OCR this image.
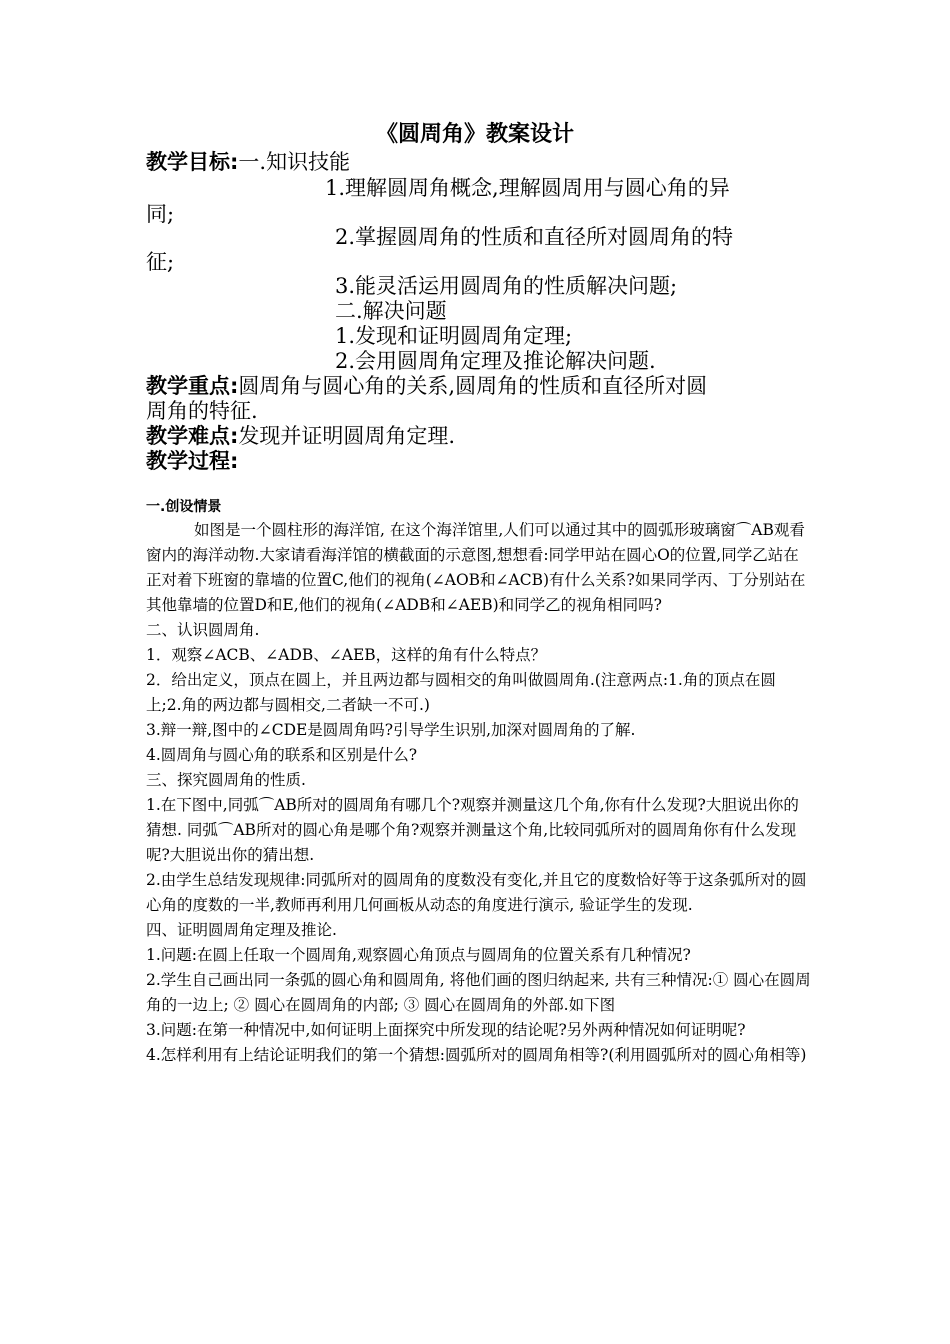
《圆周角》教案设计
教学目标:一.知识技能
1.理解圆周角概念,理解圆周用与圆心角的异
同;
2.掌握圆周角的性质和直径所对圆周角的特
征;
3.能灵活运用圆周角的性质解决问题;
二.解决问题
1.发现和证明圆周角定理;
2.会用圆周角定理及推论解决问题.
教学重点:圆周角与圆心角的关系,圆周角的性质和直径所对圆
周角的特征.
教学难点:发现并证明圆周角定理.
教学过程:
一.创设情景

如图是一个圆柱形的海洋馆, 在这个海洋馆里,人们可以通过其中的圆弧形玻璃窗⌒AB观看窗内的海洋动物.大家请看海洋馆的横截面的示意图,想想看:同学甲站在圆心O的位置,同学乙站在正对着下班窗的靠墙的位置C,他们的视角(∠AOB和∠ACB)有什么关系?如果同学丙、丁分别站在其他靠墙的位置D和E,他们的视角(∠ADB和∠AEB)和同学乙的视角相同吗?

二、认识圆周角.

1．观察∠ACB、∠ADB、∠AEB，这样的角有什么特点？

2．给出定义，顶点在圆上，并且两边都与圆相交的角叫做圆周角.(注意两点:1.角的顶点在圆上;2.角的两边都与圆相交,二者缺一不可.)

3.辩一辩,图中的∠CDE是圆周角吗?引导学生识别,加深对圆周角的了解.

4.圆周角与圆心角的联系和区别是什么?

三、探究圆周角的性质.

1.在下图中,同弧⌒AB所对的圆周角有哪几个?观察并测量这几个角,你有什么发现?大胆说出你的猜想. 同弧⌒AB所对的圆心角是哪个角?观察并测量这个角,比较同弧所对的圆周角你有什么发现呢?大胆说出你的猜出想.

2.由学生总结发现规律:同弧所对的圆周角的度数没有变化,并且它的度数恰好等于这条弧所对的圆心角的度数的一半,教师再利用几何画板从动态的角度进行演示, 验证学生的发现.

四、证明圆周角定理及推论.

1.问题:在圆上任取一个圆周角,观察圆心角顶点与圆周角的位置关系有几种情况?

2.学生自己画出同一条弧的圆心角和圆周角, 将他们画的图归纳起来, 共有三种情况:① 圆心在圆周角的一边上; ② 圆心在圆周角的内部; ③ 圆心在圆周角的外部.如下图

3.问题:在第一种情况中,如何证明上面探究中所发现的结论呢?另外两种情况如何证明呢?

4.怎样利用有上结论证明我们的第一个猜想:圆弧所对的圆周角相等?(利用圆弧所对的圆心角相等)
